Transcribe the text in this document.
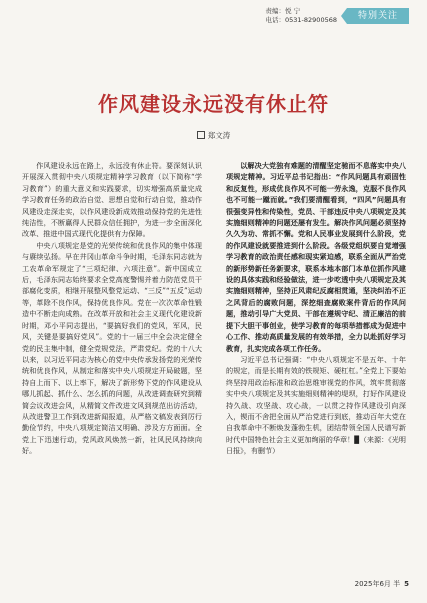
责编：悦 宁
电话：0531-82900568	特别关注
作风建设永远没有休止符
郑文涛

作风建设永远在路上，永远没有休止符。要深刻认识开展深入贯彻中央八项规定精神学习教育（以下简称“学习教育”）的重大意义和实践要求，切实增强高质量完成学习教育任务的政治自觉、思想自觉和行动自觉，推动作风建设走深走实，以作风建设新成效推动保持党的先进性纯洁性，不断赢得人民群众信任拥护，为进一步全面深化改革、推进中国式现代化提供有力保障。

中央八项规定是党的光荣传统和优良作风的集中体现与赓续弘扬。早在井冈山革命斗争时期，毛泽东同志就为工农革命军规定了“三项纪律、六项注意”。新中国成立后，毛泽东同志始终要求全党高度警惕并着力防范党员干部腐化变质，相继开展整风整党运动、“三反”“五反”运动等，革除不良作风，保持优良作风。党在一次次革命性锻造中不断走向成熟。在改革开放和社会主义现代化建设新时期，邓小平同志提出，“要搞好我们的党风，军风，民风，关键是要搞好党风”。党的十一届三中全会决定健全党的民主集中制，健全党规党法，严肃党纪。党的十八大以来，以习近平同志为核心的党中央传承发扬党的光荣传统和优良作风，从制定和落实中央八项规定开局破题，坚持自上而下、以上率下，解决了新形势下党的作风建设从哪儿抓起、抓什么、怎么抓的问题，从改进调查研究到精简会议改进会风，从精简文件改进文风到规范出访活动，从改进警卫工作到改进新闻报道，从严格文稿发表到厉行勤俭节约，中央八项规定简洁又明确、涉及方方面面。全党上下迅速行动，党风政风焕然一新，社风民风持续向好。

以解决大党独有难题的清醒坚定驰而不息落实中央八项规定精神。习近平总书记指出：“作风问题具有顽固性和反复性，形成优良作风不可能一劳永逸，克服不良作风也不可能一蹴而就。”我们要清醒看到，“四风”问题具有很强变异性和传染性，党员、干部违反中央八项规定及其实施细则精神的问题还屡有发生。解决作风问题必须坚持久久为功、常抓不懈。党和人民事业发展到什么阶段，党的作风建设就要推进到什么阶段。各级党组织要自觉增强学习教育的政治责任感和现实紧迫感，联系全面从严治党的新形势新任务新要求，联系本地本部门本单位抓作风建设的具体实践和经验做法，进一步吃透中央八项规定及其实施细则精神，坚持正风肃纪反腐相贯通，坚决纠治不正之风背后的腐败问题，深挖细查腐败案件背后的作风问题，推动引导广大党员、干部在遵规守纪、清正廉洁的前提下大胆干事创业，使学习教育的每项举措都成为促进中心工作、推动高质量发展的有效举措，全力以赴抓好学习教育，扎实完成各项工作任务。

习近平总书记强调：“中央八项规定不是五年、十年的规定，而是长期有效的铁规矩、硬杠杠。”全党上下要始终坚持用政治标准和政治思维审视党的作风，筑牢贯彻落实中央八项规定及其实施细则精神的堤坝，打好作风建设持久战、攻坚战、攻心战，一以贯之持作风建设引向深入，锲而不舍把全面从严治党进行到底，推动百年大党在自我革命中不断焕发蓬勃生机，团结带领全国人民谱写新时代中国特色社会主义更加绚丽的华章！▉（来源：《光明日报》，有删节）

2025年6月 半 5
